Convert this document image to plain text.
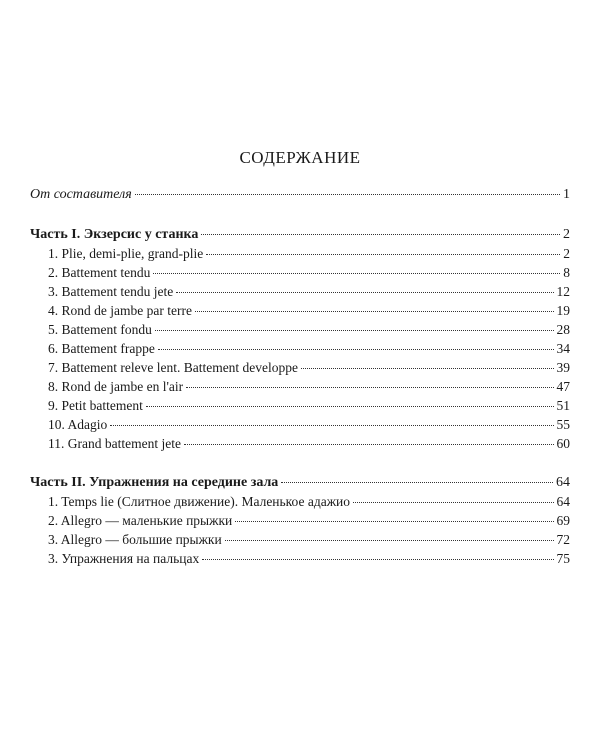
СОДЕРЖАНИЕ
От составителя	1
Часть I. Экзерсис у станка	2
1. Plie, demi-plie, grand-plie	2
2. Battement tendu	8
3. Battement tendu jete	12
4. Rond de jambe par terre	19
5. Battement fondu	28
6. Battement frappe	34
7. Battement releve lent. Battement developpe	39
8. Rond de jambe en l'air	47
9. Petit battement	51
10. Adagio	55
11. Grand battement jete	60
Часть II. Упражнения на середине зала	64
1. Temps lie (Слитное движение). Маленькое адажио	64
2. Allegro — маленькие прыжки	69
3. Allegro — большие прыжки	72
3. Упражнения на пальцах	75
